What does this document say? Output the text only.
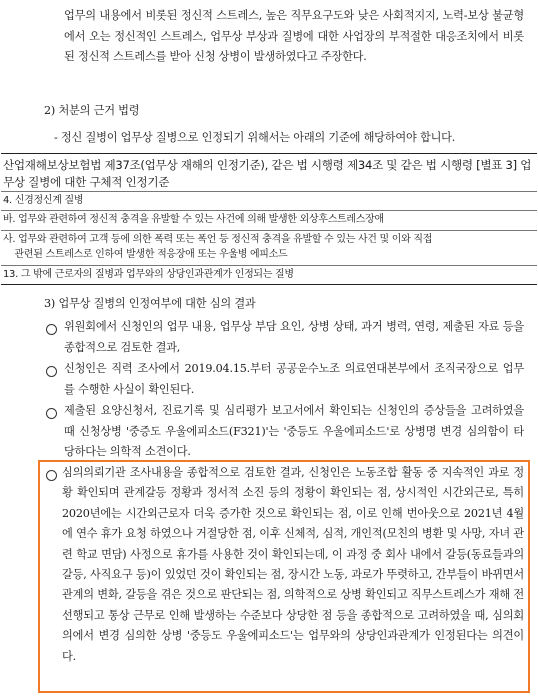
업무의 내용에서 비롯된 정신적 스트레스, 높은 직무요구도와 낮은 사회적지지, 노력-보상 불균형에서 오는 정신적인 스트레스, 업무상 부상과 질병에 대한 사업장의 부적절한 대응조치에서 비롯된 정신적 스트레스를 받아 신청 상병이 발생하였다고 주장한다.
2) 처분의 근거 법령
- 정신 질병이 업무상 질병으로 인정되기 위해서는 아래의 기준에 해당하여야 합니다.
산업재해보상보험법 제37조(업무상 재해의 인정기준), 같은 법 시행령 제34조 및 같은 법 시행령 [별표 3] 업무상 질병에 대한 구체적 인정기준
4. 신경정신계 질병
바. 업무와 관련하여 정신적 충격을 유발할 수 있는 사건에 의해 발생한 외상후스트레스장애
사. 업무와 관련하여 고객 등에 의한 폭력 또는 폭언 등 정신적 충격을 유발할 수 있는 사건 및 이와 직접
관련된 스트레스로 인하여 발생한 적응장애 또는 우울병 에피소드
13. 그 밖에 근로자의 질병과 업무와의 상당인과관계가 인정되는 질병
3) 업무상 질병의 인정여부에 대한 심의 결과
위원회에서 신청인의 업무 내용, 업무상 부담 요인, 상병 상태, 과거 병력, 연령, 제출된 자료 등을 종합적으로 검토한 결과,
신청인은 직력 조사에서 2019.04.15.부터 공공운수노조 의료연대본부에서 조직국장으로 업무를 수행한 사실이 확인된다.
제출된 요양신청서, 진료기록 및 심리평가 보고서에서 확인되는 신청인의 증상들을 고려하였을 때 신청상병 '중증도 우울에피소드(F321)'는 '중등도 우울에피소드'로 상병명 변경 심의함이 타당하다는 의학적 소견이다.
심의의뢰기관 조사내용을 종합적으로 검토한 결과, 신청인은 노동조합 활동 중 지속적인 과로 정황 확인되며 관계갈등 정황과 정서적 소진 등의 정황이 확인되는 점, 상시적인 시간외근로, 특히 2020년에는 시간외근로자 더욱 증가한 것으로 확인되는 점, 이로 인해 번아웃으로 2021년 4월에 연수 휴가 요청 하였으나 거절당한 점, 이후 신체적, 심적, 개인적(모친의 병환 및 사망, 자녀 관련 학교 면담) 사정으로 휴가를 사용한 것이 확인되는데, 이 과정 중 회사 내에서 갈등(동료들과의 갈등, 사직요구 등)이 있었던 것이 확인되는 점, 장시간 노동, 과로가 뚜렷하고, 간부들이 바뀌면서 관계의 변화, 갈등을 겪은 것으로 판단되는 점, 의학적으로 상병 확인되고 직무스트레스가 재해 전 선행되고 통상 근무로 인해 발생하는 수준보다 상당한 점 등을 종합적으로 고려하였을 때, 심의회의에서 변경 심의한 상병 '중등도 우울에피소드'는 업무와의 상당인과관계가 인정된다는 의견이다.
